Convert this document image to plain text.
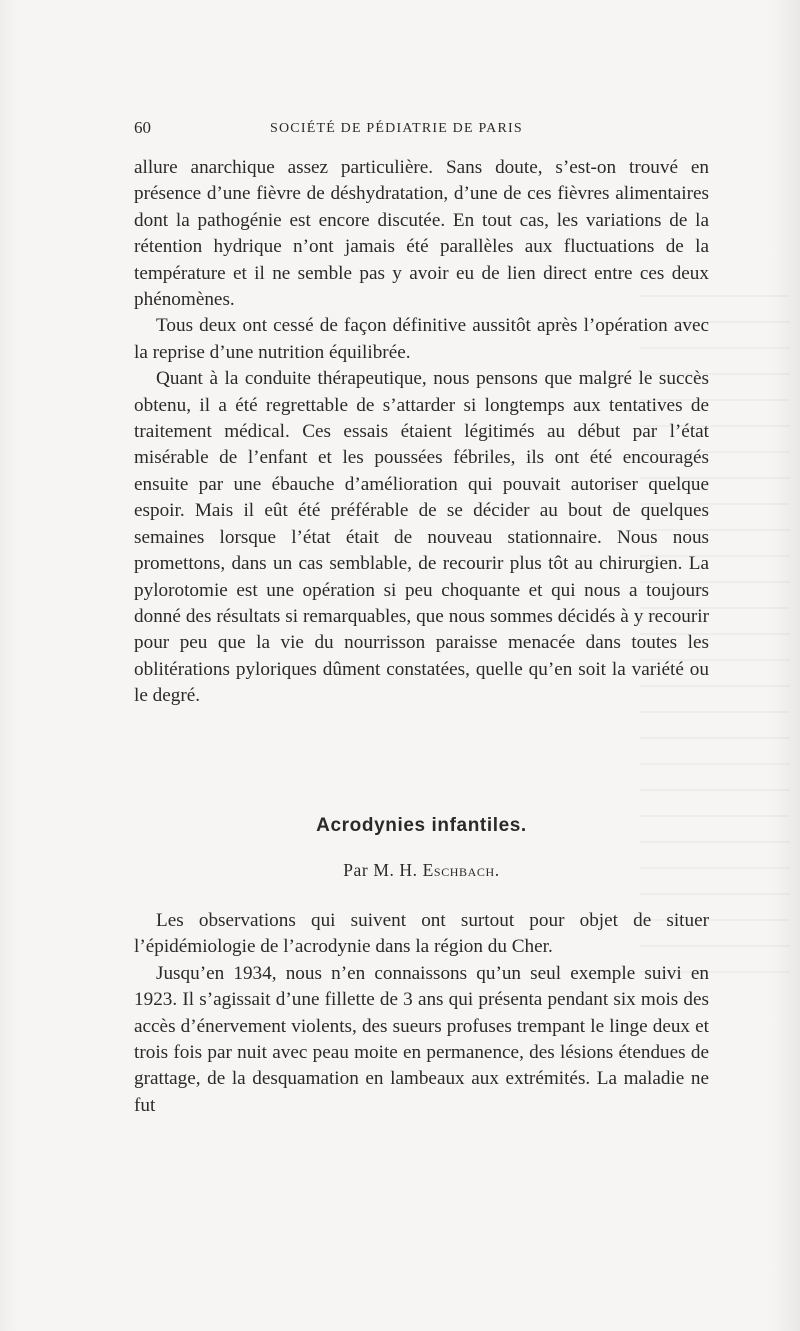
60	SOCIÉTÉ DE PÉDIATRIE DE PARIS

allure anarchique assez particulière. Sans doute, s’est-on trouvé en présence d’une fièvre de déshydratation, d’une de ces fièvres alimentaires dont la pathogénie est encore discutée. En tout cas, les variations de la rétention hydrique n’ont jamais été parallèles aux fluctuations de la température et il ne semble pas y avoir eu de lien direct entre ces deux phénomènes.

Tous deux ont cessé de façon définitive aussitôt après l’opération avec la reprise d’une nutrition équilibrée.

Quant à la conduite thérapeutique, nous pensons que malgré le succès obtenu, il a été regrettable de s’attarder si longtemps aux tentatives de traitement médical. Ces essais étaient légitimés au début par l’état misérable de l’enfant et les poussées fébriles, ils ont été encouragés ensuite par une ébauche d’amélioration qui pouvait autoriser quelque espoir. Mais il eût été préférable de se décider au bout de quelques semaines lorsque l’état était de nouveau stationnaire. Nous nous promettons, dans un cas semblable, de recourir plus tôt au chirurgien. La pylorotomie est une opération si peu choquante et qui nous a toujours donné des résultats si remarquables, que nous sommes décidés à y recourir pour peu que la vie du nourrisson paraisse menacée dans toutes les oblitérations pyloriques dûment constatées, quelle qu’en soit la variété ou le degré.

Acrodynies infantiles.
Par M. H. Eschbach.

Les observations qui suivent ont surtout pour objet de situer l’épidémiologie de l’acrodynie dans la région du Cher.

Jusqu’en 1934, nous n’en connaissons qu’un seul exemple suivi en 1923. Il s’agissait d’une fillette de 3 ans qui présenta pendant six mois des accès d’énervement violents, des sueurs profuses trempant le linge deux et trois fois par nuit avec peau moite en permanence, des lésions étendues de grattage, de la desquamation en lambeaux aux extrémités. La maladie ne fut
